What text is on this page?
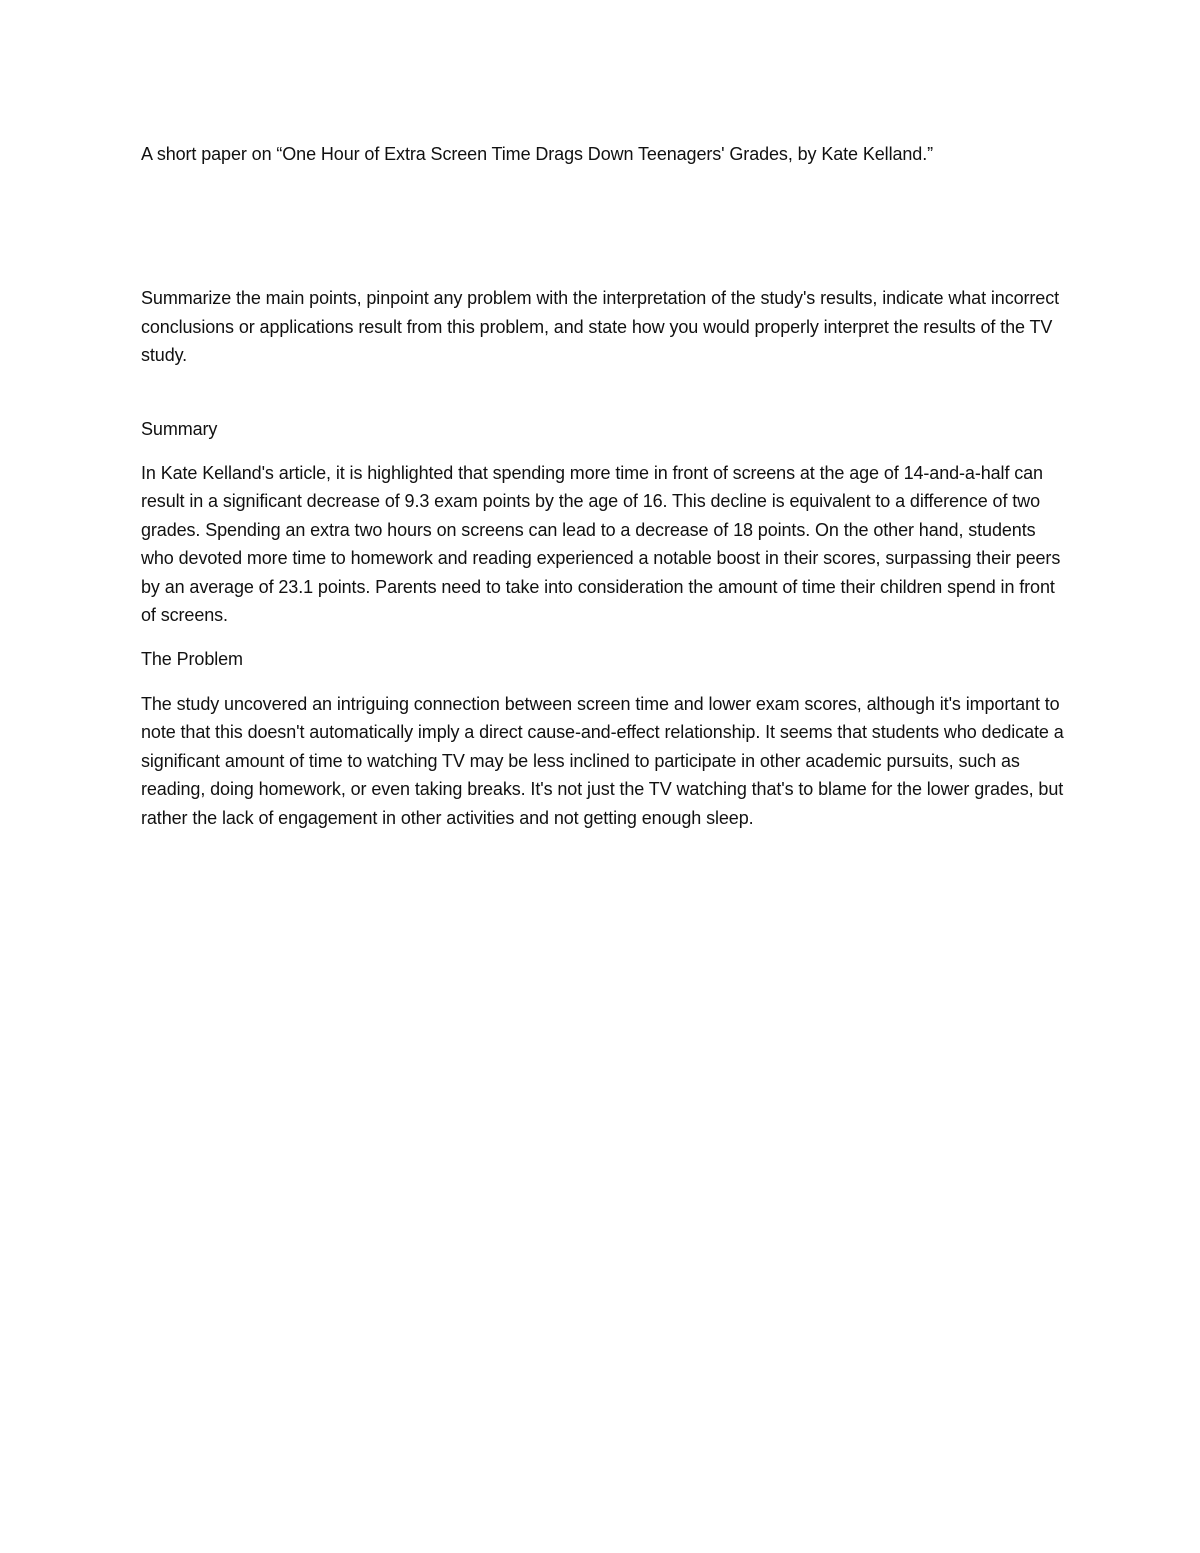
A short paper on “One Hour of Extra Screen Time Drags Down Teenagers' Grades, by Kate Kelland.”

Summarize the main points, pinpoint any problem with the interpretation of the study's results, indicate what incorrect conclusions or applications result from this problem, and state how you would properly interpret the results of the TV study.

Summary

In Kate Kelland's article, it is highlighted that spending more time in front of screens at the age of 14-and-a-half can result in a significant decrease of 9.3 exam points by the age of 16. This decline is equivalent to a difference of two grades. Spending an extra two hours on screens can lead to a decrease of 18 points. On the other hand, students who devoted more time to homework and reading experienced a notable boost in their scores, surpassing their peers by an average of 23.1 points. Parents need to take into consideration the amount of time their children spend in front of screens.

The Problem

The study uncovered an intriguing connection between screen time and lower exam scores, although it's important to note that this doesn't automatically imply a direct cause-and-effect relationship. It seems that students who dedicate a significant amount of time to watching TV may be less inclined to participate in other academic pursuits, such as reading, doing homework, or even taking breaks. It's not just the TV watching that's to blame for the lower grades, but rather the lack of engagement in other activities and not getting enough sleep.
